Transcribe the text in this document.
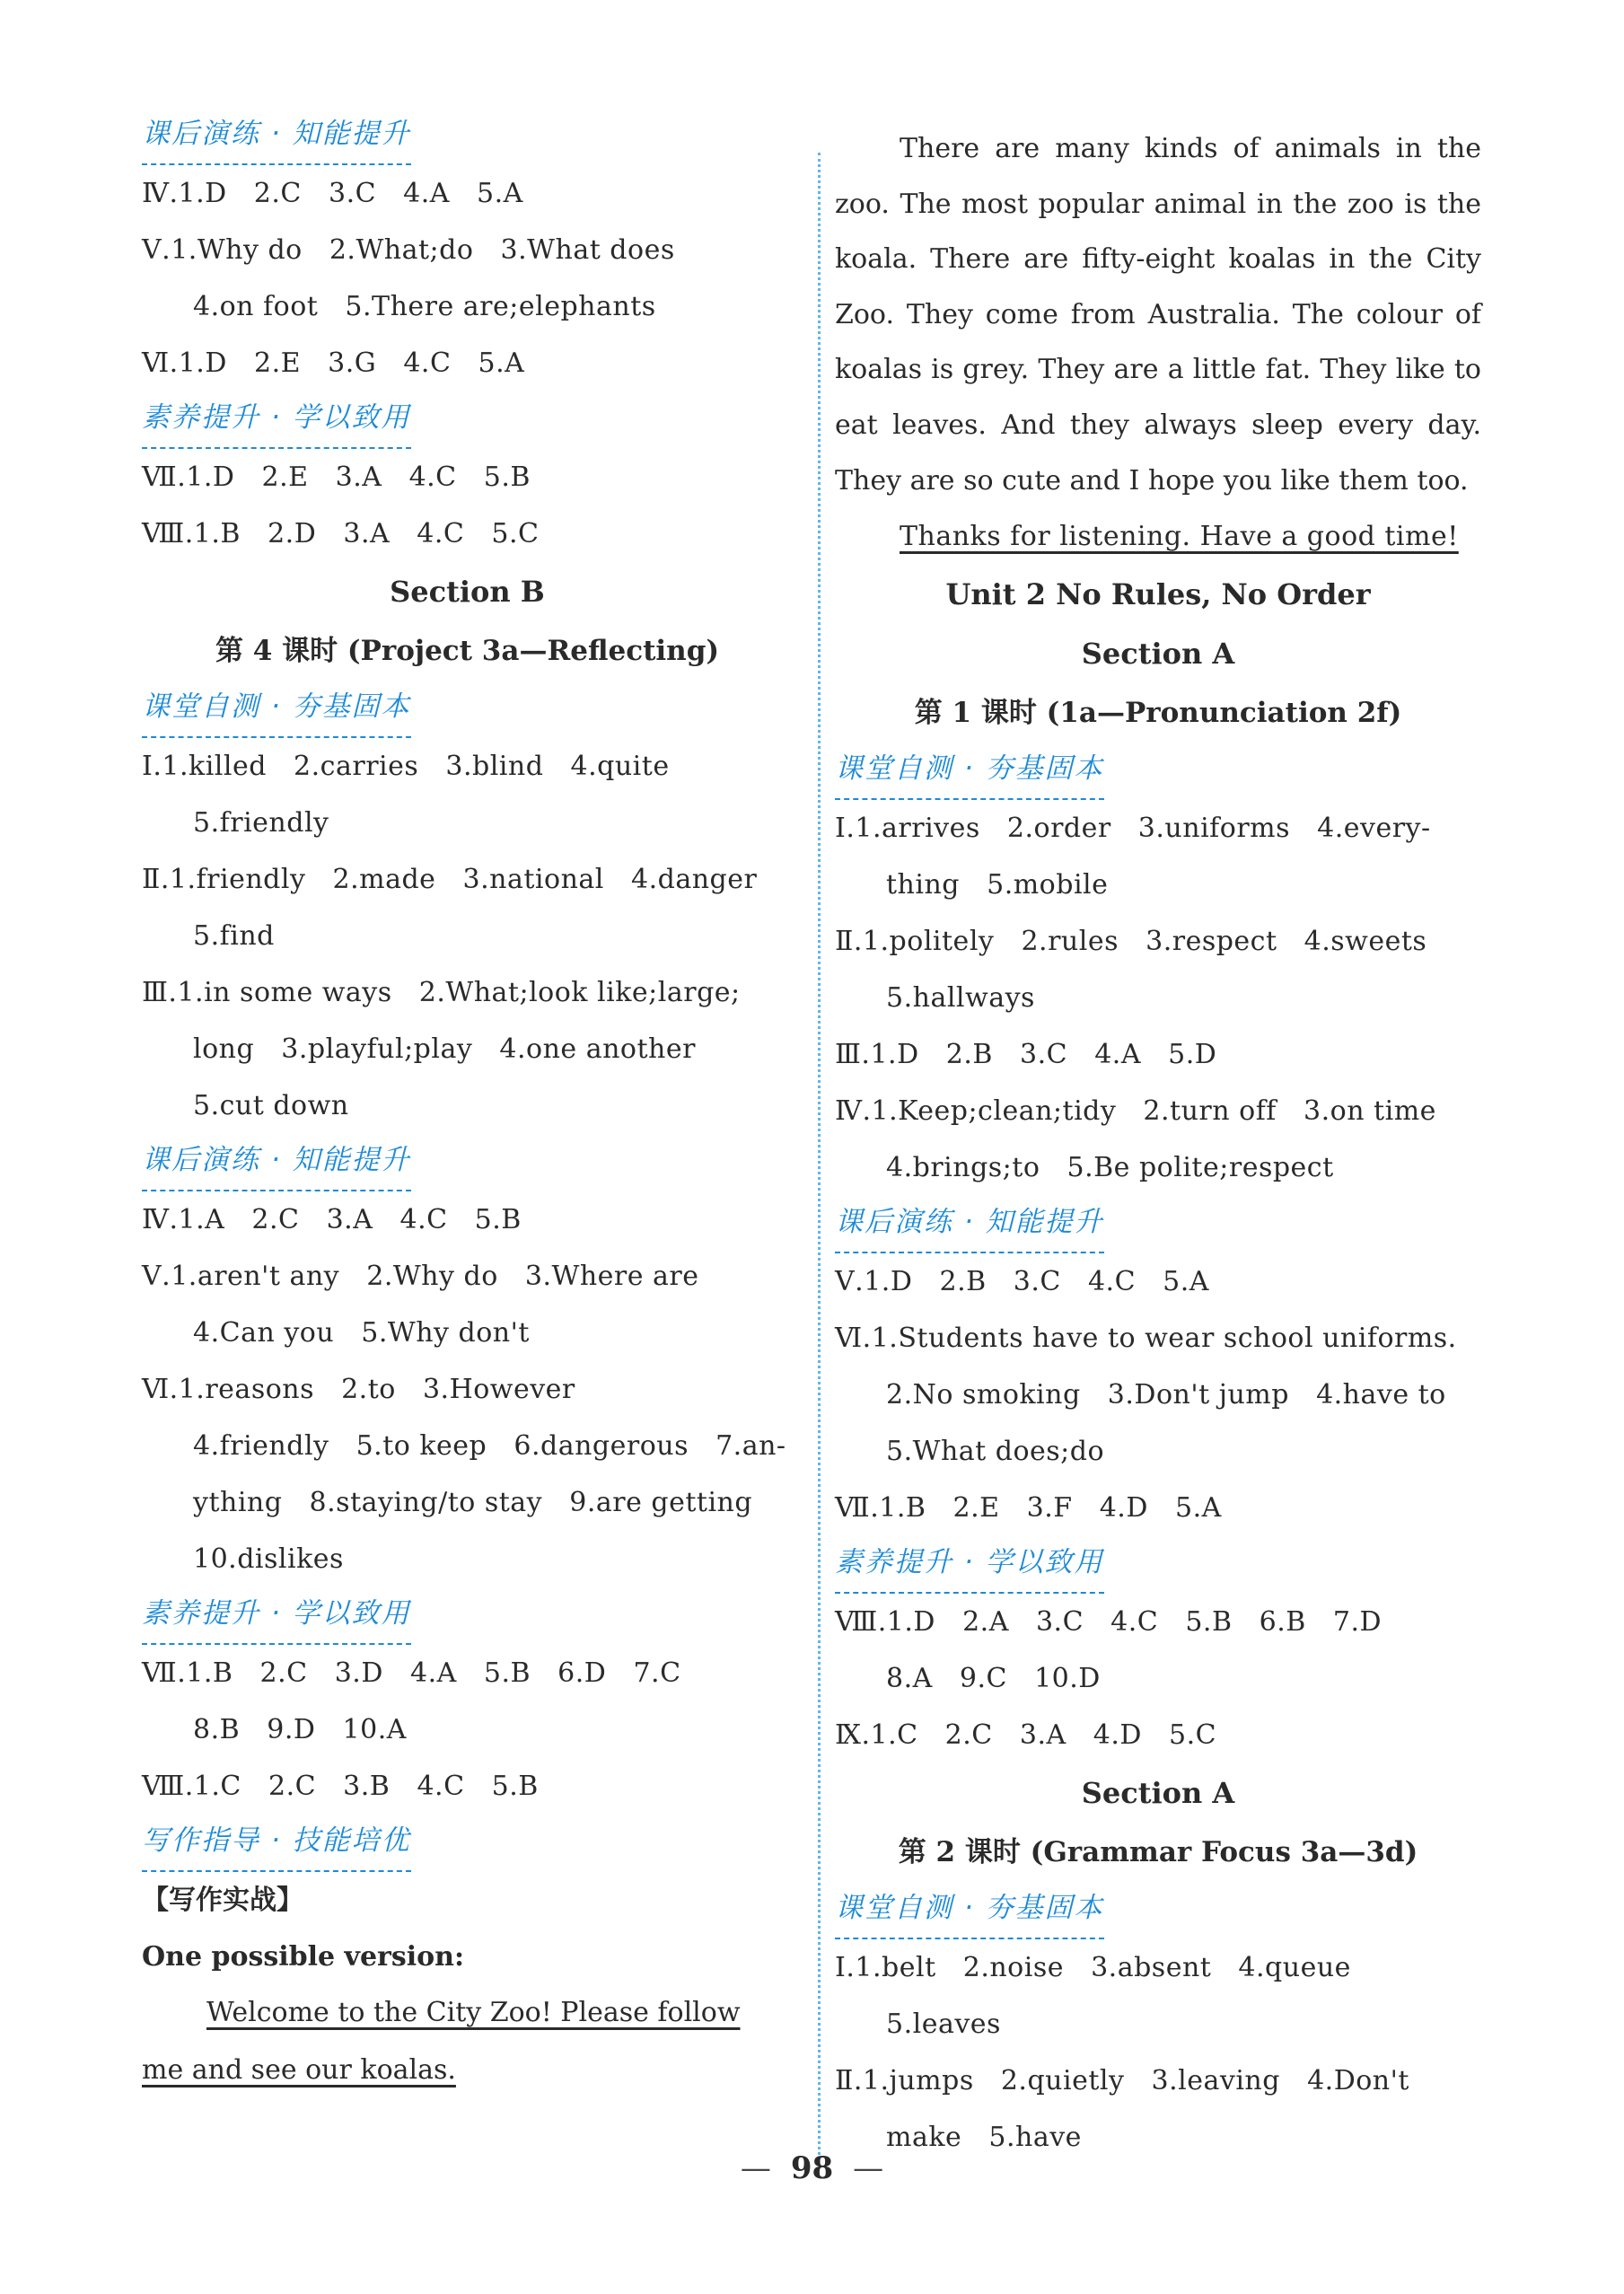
课后演练 · 知能提升
Ⅳ.1.D   2.C   3.C   4.A   5.A
Ⅴ.1.Why do   2.What;do   3.What does
4.on foot   5.There are;elephants
Ⅵ.1.D   2.E   3.G   4.C   5.A
素养提升 · 学以致用
Ⅶ.1.D   2.E   3.A   4.C   5.B
Ⅷ.1.B   2.D   3.A   4.C   5.C
Section B
第 4 课时 (Project 3a—Reflecting)
课堂自测 · 夯基固本
Ⅰ.1.killed   2.carries   3.blind   4.quite
5.friendly
Ⅱ.1.friendly   2.made   3.national   4.danger
5.find
Ⅲ.1.in some ways   2.What;look like;large;
long   3.playful;play   4.one another
5.cut down
课后演练 · 知能提升
Ⅳ.1.A   2.C   3.A   4.C   5.B
Ⅴ.1.aren't any   2.Why do   3.Where are
4.Can you   5.Why don't
Ⅵ.1.reasons   2.to   3.However
4.friendly   5.to keep   6.dangerous   7.an-
ything   8.staying/to stay   9.are getting
10.dislikes
素养提升 · 学以致用
Ⅶ.1.B   2.C   3.D   4.A   5.B   6.D   7.C
8.B   9.D   10.A
Ⅷ.1.C   2.C   3.B   4.C   5.B
写作指导 · 技能培优
【写作实战】
One possible version:
Welcome to the City Zoo! Please follow
me and see our koalas.
There are many kinds of animals in the zoo. The most popular animal in the zoo is the koala. There are fifty-eight koalas in the City Zoo. They come from Australia. The colour of koalas is grey. They are a little fat. They like to eat leaves. And they always sleep every day. They are so cute and I hope you like them too.
Thanks for listening. Have a good time!
Unit 2 No Rules, No Order
Section A
第 1 课时 (1a—Pronunciation 2f)
课堂自测 · 夯基固本
Ⅰ.1.arrives   2.order   3.uniforms   4.every-
thing   5.mobile
Ⅱ.1.politely   2.rules   3.respect   4.sweets
5.hallways
Ⅲ.1.D   2.B   3.C   4.A   5.D
Ⅳ.1.Keep;clean;tidy   2.turn off   3.on time
4.brings;to   5.Be polite;respect
课后演练 · 知能提升
Ⅴ.1.D   2.B   3.C   4.C   5.A
Ⅵ.1.Students have to wear school uniforms.
2.No smoking   3.Don't jump   4.have to
5.What does;do
Ⅶ.1.B   2.E   3.F   4.D   5.A
素养提升 · 学以致用
Ⅷ.1.D   2.A   3.C   4.C   5.B   6.B   7.D
8.A   9.C   10.D
Ⅸ.1.C   2.C   3.A   4.D   5.C
Section A
第 2 课时 (Grammar Focus 3a—3d)
课堂自测 · 夯基固本
Ⅰ.1.belt   2.noise   3.absent   4.queue
5.leaves
Ⅱ.1.jumps   2.quietly   3.leaving   4.Don't
make   5.have
— 98 —
